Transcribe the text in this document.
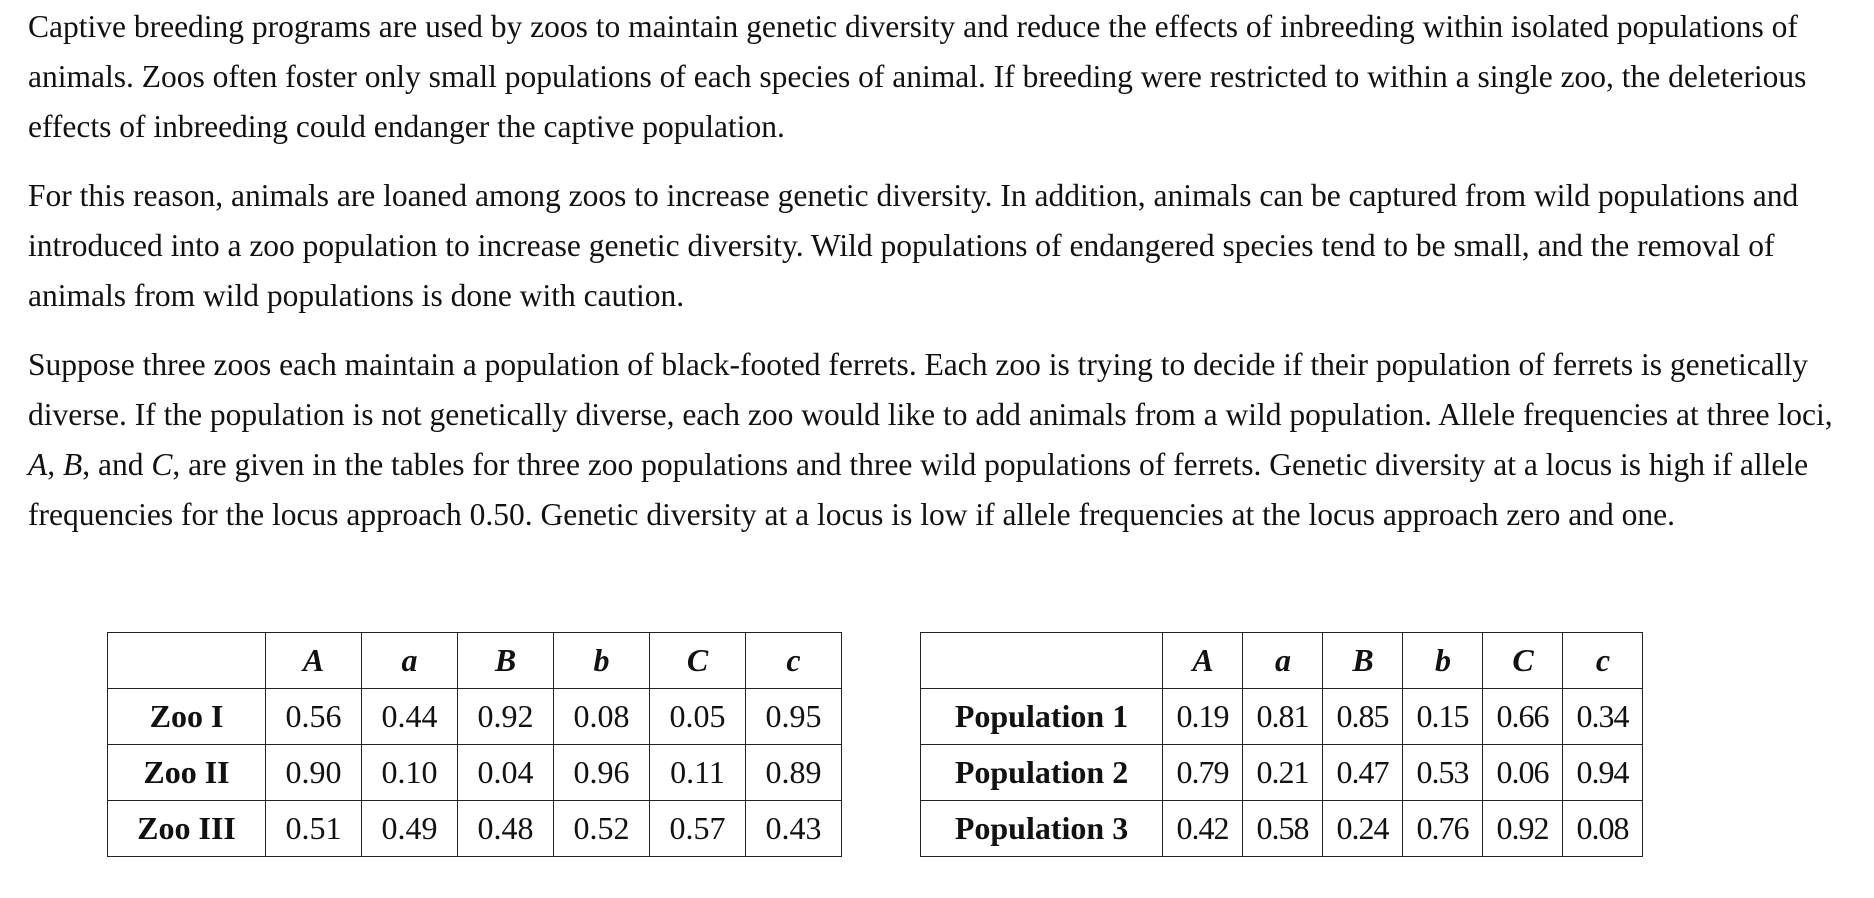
Captive breeding programs are used by zoos to maintain genetic diversity and reduce the effects of inbreeding within isolated populations of animals. Zoos often foster only small populations of each species of animal. If breeding were restricted to within a single zoo, the deleterious effects of inbreeding could endanger the captive population.

For this reason, animals are loaned among zoos to increase genetic diversity. In addition, animals can be captured from wild populations and introduced into a zoo population to increase genetic diversity. Wild populations of endangered species tend to be small, and the removal of animals from wild populations is done with caution.

Suppose three zoos each maintain a population of black-footed ferrets. Each zoo is trying to decide if their population of ferrets is genetically diverse. If the population is not genetically diverse, each zoo would like to add animals from a wild population. Allele frequencies at three loci, A, B, and C, are given in the tables for three zoo populations and three wild populations of ferrets. Genetic diversity at a locus is high if allele frequencies for the locus approach 0.50. Genetic diversity at a locus is low if allele frequencies at the locus approach zero and one.

	A	a	B	b	C	c
Zoo I	0.56	0.44	0.92	0.08	0.05	0.95
Zoo II	0.90	0.10	0.04	0.96	0.11	0.89
Zoo III	0.51	0.49	0.48	0.52	0.57	0.43
	A	a	B	b	C	c
Population 1	0.19	0.81	0.85	0.15	0.66	0.34
Population 2	0.79	0.21	0.47	0.53	0.06	0.94
Population 3	0.42	0.58	0.24	0.76	0.92	0.08
